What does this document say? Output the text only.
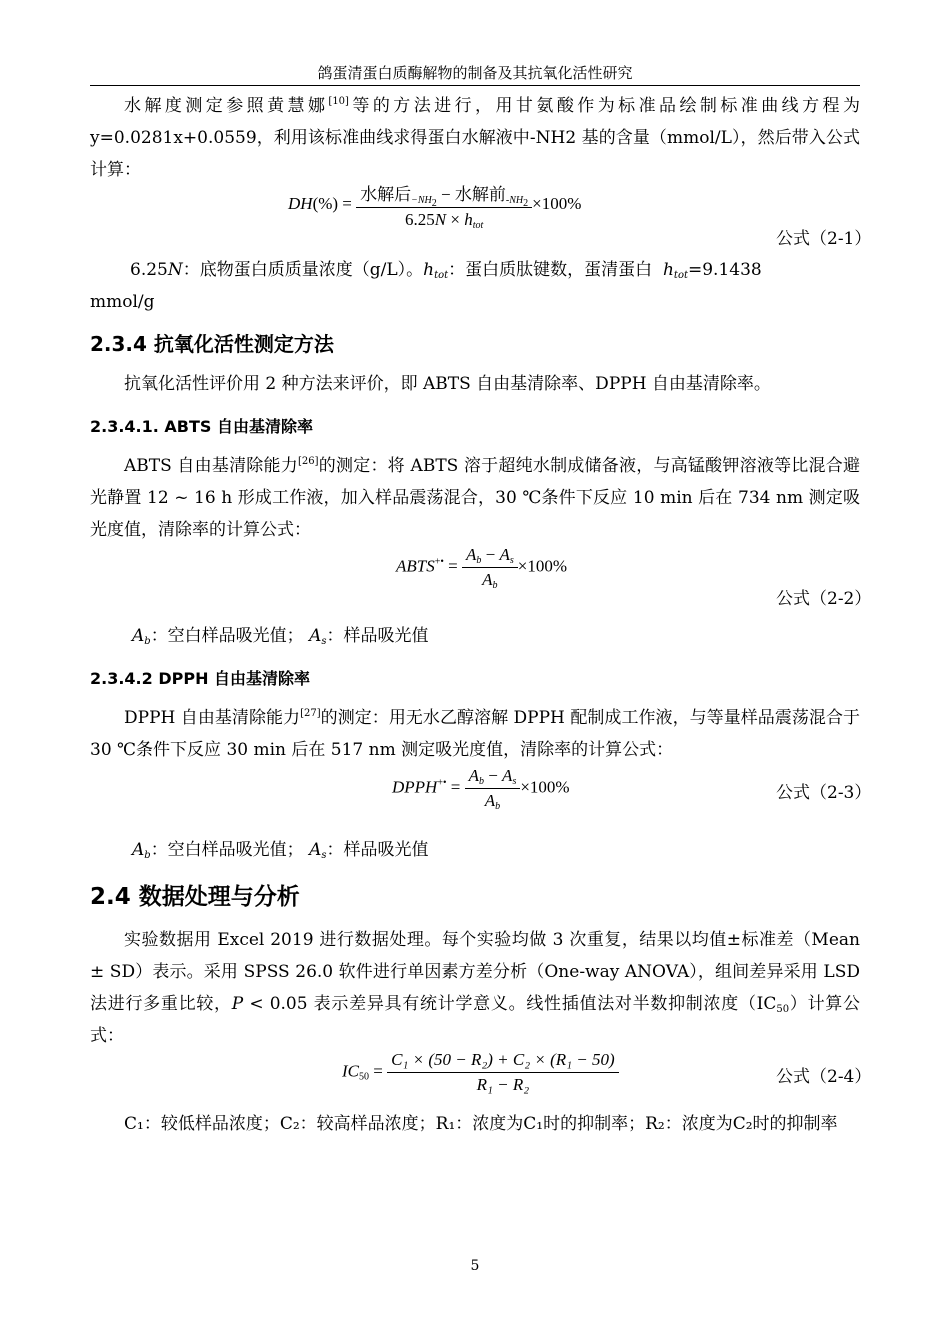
鸽蛋清蛋白质酶解物的制备及其抗氧化活性研究
水解度测定参照黄慧娜[10]等的方法进行，用甘氨酸作为标准品绘制标准曲线方程为 y=0.0281x+0.0559，利用该标准曲线求得蛋白水解液中-NH2 基的含量（mmol/L），然后带入公式计算：
$DH(\%) = \frac{水解后_{-NH_2} - 水解前_{-NH_2}}{6.25N \times h_{tot}} \times 100\%$
公式（2-1）
6.25N：底物蛋白质质量浓度（g/L）。$h_{tot}$：蛋白质肽键数，蛋清蛋白 $h_{tot}=9.1438$
mmol/g
2.3.4 抗氧化活性测定方法
抗氧化活性评价用 2 种方法来评价，即 ABTS 自由基清除率、DPPH 自由基清除率。
2.3.4.1. ABTS 自由基清除率
ABTS 自由基清除能力[26]的测定：将 ABTS 溶于超纯水制成储备液，与高锰酸钾溶液等比混合避光静置 12 ~ 16 h 形成工作液，加入样品震荡混合，30 ℃条件下反应 10 min 后在 734 nm 测定吸光度值，清除率的计算公式：
ABTS+• = $\frac{A_b - A_s}{A_b} \times 100\%$
公式（2-2）
$A_b$：空白样品吸光值； $A_s$：样品吸光值
2.3.4.2 DPPH 自由基清除率
DPPH 自由基清除能力[27]的测定：用无水乙醇溶解 DPPH 配制成工作液，与等量样品震荡混合于 30 ℃条件下反应 30 min 后在 517 nm 测定吸光度值，清除率的计算公式：
DPPH+• = $\frac{A_b - A_s}{A_b} \times 100\%$	公式（2-3）
$A_b$：空白样品吸光值； $A_s$：样品吸光值
2.4 数据处理与分析
实验数据用 Excel 2019 进行数据处理。每个实验均做 3 次重复，结果以均值±标准差（Mean ± SD）表示。采用 SPSS 26.0 软件进行单因素方差分析（One-way ANOVA），组间差异采用 LSD 法进行多重比较，P < 0.05 表示差异具有统计学意义。线性插值法对半数抑制浓度$(IC_{50})$计算公式：
$IC_{50} = \frac{\text{C₁ × (50 − R₂) + C₂ × (R₁ − 50)}}{\text{R₁ − R₂}}$	公式（2-4）
C₁：较低样品浓度；C₂：较高样品浓度；R₁：浓度为C₁时的抑制率；R₂：浓度为C₂时的抑制率
5
